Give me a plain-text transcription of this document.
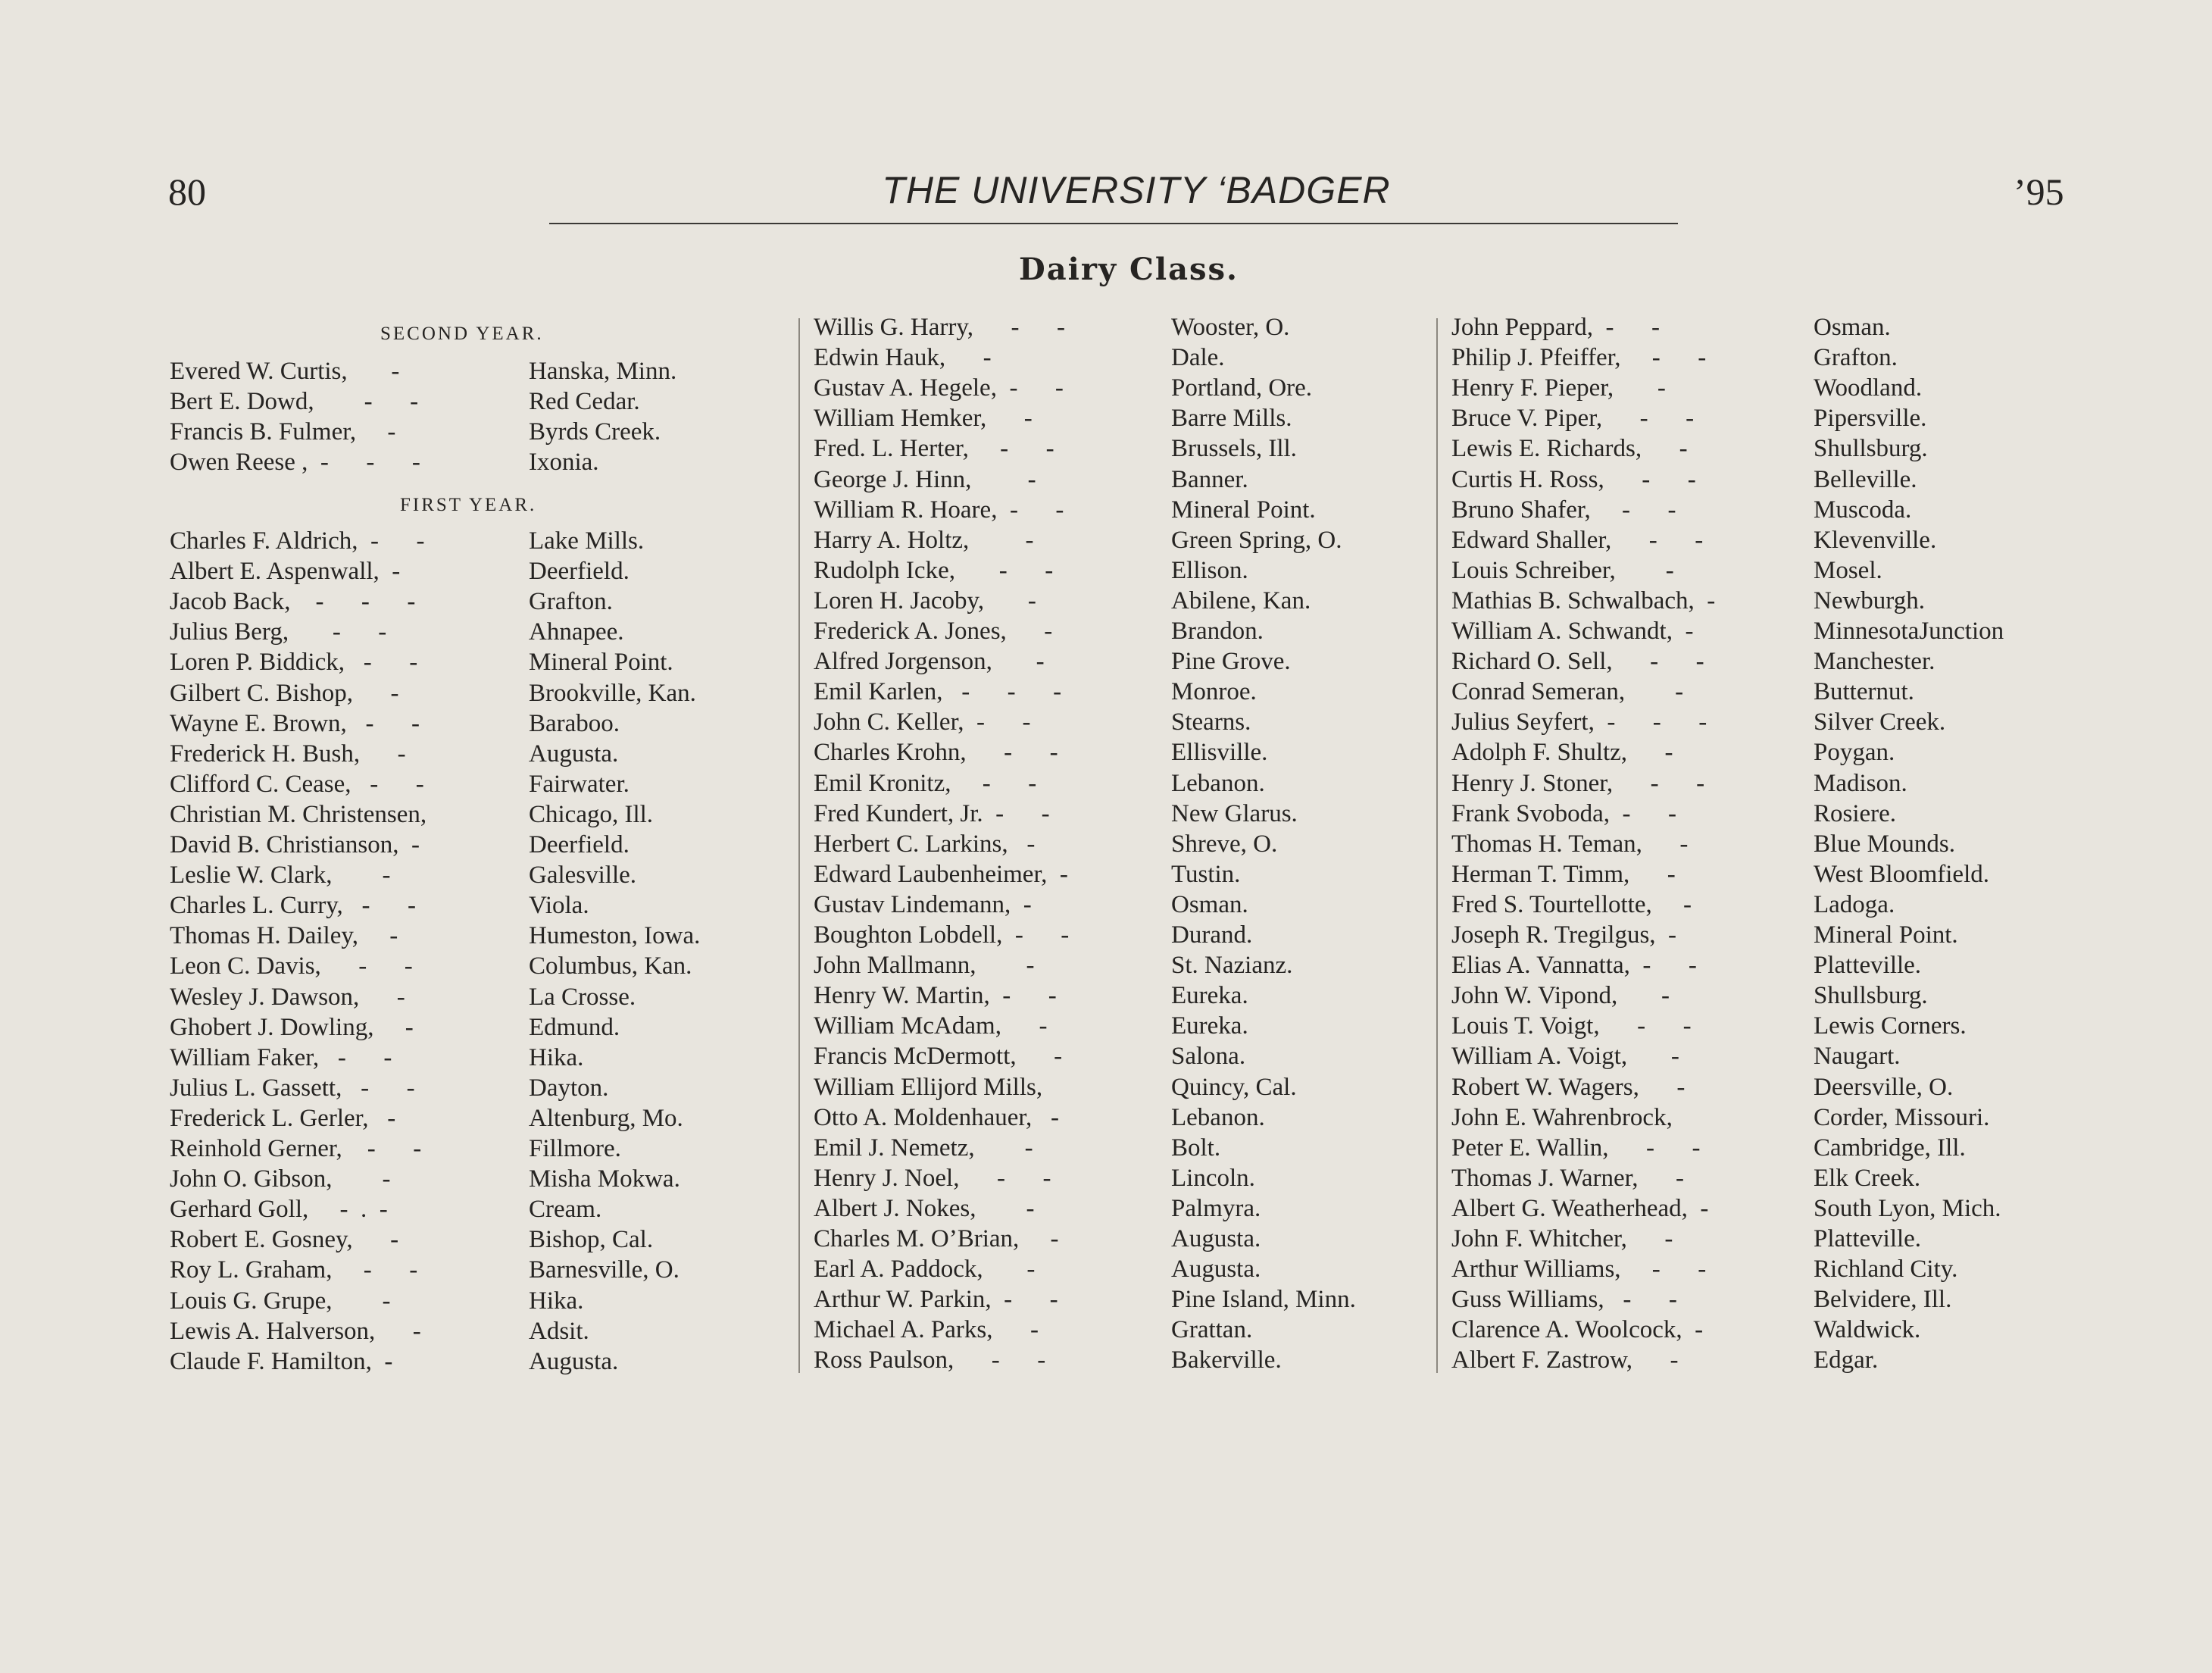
80	THE UNIVERSITY ‘BADGER	’95
Dairy Class.
SECOND YEAR.
FIRST YEAR.
Evered W. Curtis,       -	Hanska, Minn.
Bert E. Dowd,        -      -	Red Cedar.
Francis B. Fulmer,     -	Byrds Creek.
Owen Reese ,  -      -      -	Ixonia.
Charles F. Aldrich,  -      -	Lake Mills.
Albert E. Aspenwall,  -	Deerfield.
Jacob Back,    -      -      -	Grafton.
Julius Berg,       -      -	Ahnapee.
Loren P. Biddick,   -      -	Mineral Point.
Gilbert C. Bishop,      -	Brookville, Kan.
Wayne E. Brown,   -      -	Baraboo.
Frederick H. Bush,      -	Augusta.
Clifford C. Cease,   -      -	Fairwater.
Christian M. Christensen,	Chicago, Ill.
David B. Christianson,  -	Deerfield.
Leslie W. Clark,        -	Galesville.
Charles L. Curry,   -      -	Viola.
Thomas H. Dailey,     -	Humeston, Iowa.
Leon C. Davis,      -      -	Columbus, Kan.
Wesley J. Dawson,      -	La Crosse.
Ghobert J. Dowling,     -	Edmund.
William Faker,   -      -	Hika.
Julius L. Gassett,   -      -	Dayton.
Frederick L. Gerler,   -	Altenburg, Mo.
Reinhold Gerner,    -      -	Fillmore.
John O. Gibson,        -	Misha Mokwa.
Gerhard Goll,     -  .  -	Cream.
Robert E. Gosney,      -	Bishop, Cal.
Roy L. Graham,     -      -	Barnesville, O.
Louis G. Grupe,        -	Hika.
Lewis A. Halverson,      -	Adsit.
Claude F. Hamilton,  -	Augusta.
Willis G. Harry,      -      -	Wooster, O.
Edwin Hauk,      -	Dale.
Gustav A. Hegele,  -      -	Portland, Ore.
William Hemker,      -	Barre Mills.
Fred. L. Herter,     -      -	Brussels, Ill.
George J. Hinn,         -	Banner.
William R. Hoare,  -      -	Mineral Point.
Harry A. Holtz,         -	Green Spring, O.
Rudolph Icke,       -      -	Ellison.
Loren H. Jacoby,       -	Abilene, Kan.
Frederick A. Jones,      -	Brandon.
Alfred Jorgenson,       -	Pine Grove.
Emil Karlen,   -      -      -	Monroe.
John C. Keller,  -      -	Stearns.
Charles Krohn,      -      -	Ellisville.
Emil Kronitz,     -      -	Lebanon.
Fred Kundert, Jr.  -      -	New Glarus.
Herbert C. Larkins,   -	Shreve, O.
Edward Laubenheimer,  -	Tustin.
Gustav Lindemann,  -	Osman.
Boughton Lobdell,  -      -	Durand.
John Mallmann,        -	St. Nazianz.
Henry W. Martin,  -      -	Eureka.
William McAdam,      -	Eureka.
Francis McDermott,      -	Salona.
William Ellijord Mills,	Quincy, Cal.
Otto A. Moldenhauer,   -	Lebanon.
Emil J. Nemetz,        -	Bolt.
Henry J. Noel,      -      -	Lincoln.
Albert J. Nokes,        -	Palmyra.
Charles M. O’Brian,     -	Augusta.
Earl A. Paddock,       -	Augusta.
Arthur W. Parkin,  -      -	Pine Island, Minn.
Michael A. Parks,      -	Grattan.
Ross Paulson,      -      -	Bakerville.
John Peppard,  -      -	Osman.
Philip J. Pfeiffer,     -      -	Grafton.
Henry F. Pieper,       -	Woodland.
Bruce V. Piper,      -      -	Pipersville.
Lewis E. Richards,      -	Shullsburg.
Curtis H. Ross,      -      -	Belleville.
Bruno Shafer,     -      -	Muscoda.
Edward Shaller,      -      -	Klevenville.
Louis Schreiber,        -	Mosel.
Mathias B. Schwalbach,  -	Newburgh.
William A. Schwandt,  -	MinnesotaJunction
Richard O. Sell,      -      -	Manchester.
Conrad Semeran,        -	Butternut.
Julius Seyfert,  -      -      -	Silver Creek.
Adolph F. Shultz,      -	Poygan.
Henry J. Stoner,      -      -	Madison.
Frank Svoboda,  -      -	Rosiere.
Thomas H. Teman,      -	Blue Mounds.
Herman T. Timm,      -	West Bloomfield.
Fred S. Tourtellotte,     -	Ladoga.
Joseph R. Tregilgus,  -	Mineral Point.
Elias A. Vannatta,  -      -	Platteville.
John W. Vipond,       -	Shullsburg.
Louis T. Voigt,      -      -	Lewis Corners.
William A. Voigt,       -	Naugart.
Robert W. Wagers,      -	Deersville, O.
John E. Wahrenbrock,	Corder, Missouri.
Peter E. Wallin,      -      -	Cambridge, Ill.
Thomas J. Warner,      -	Elk Creek.
Albert G. Weatherhead,  -	South Lyon, Mich.
John F. Whitcher,      -	Platteville.
Arthur Williams,     -      -	Richland City.
Guss Williams,   -      -	Belvidere, Ill.
Clarence A. Woolcock,  -	Waldwick.
Albert F. Zastrow,      -	Edgar.
